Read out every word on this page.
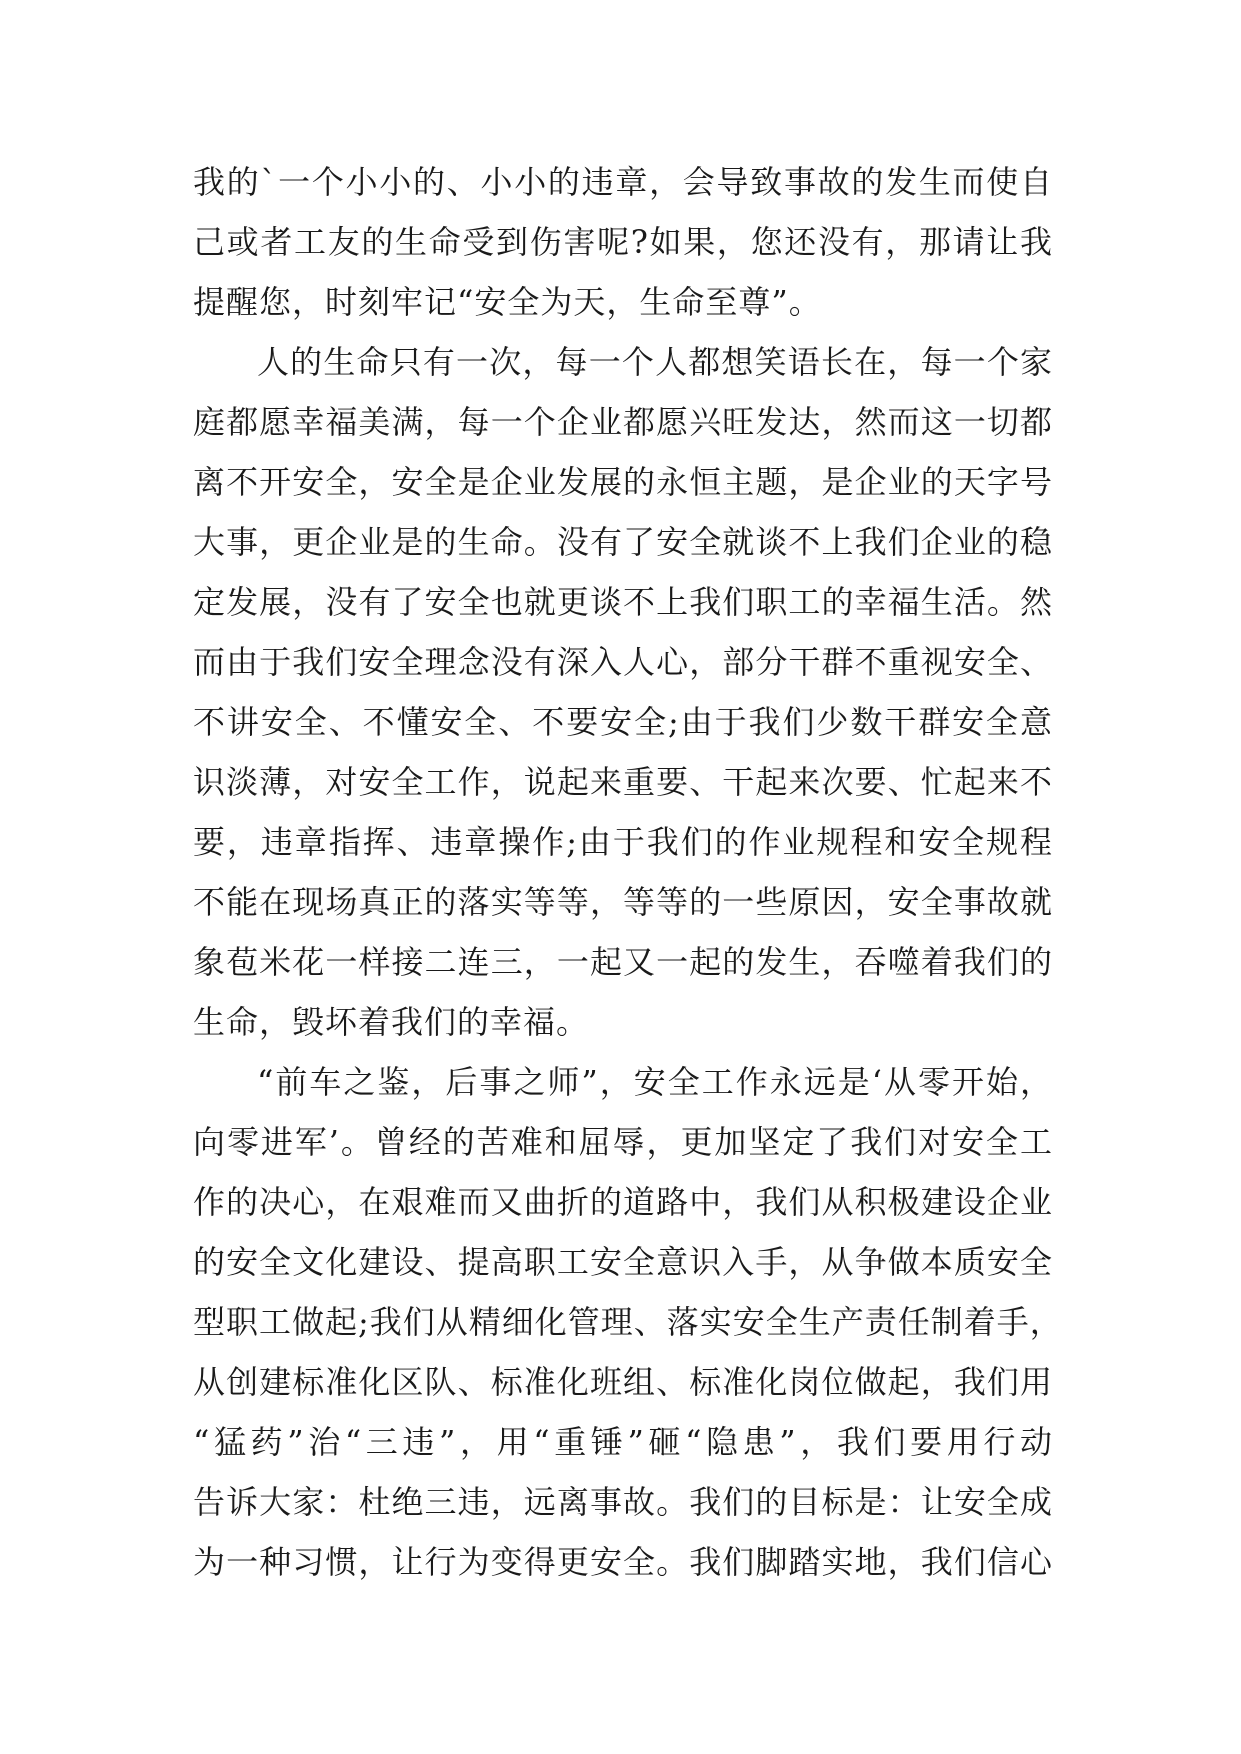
我的`一个小小的、小小的违章，会导致事故的发生而使自
己或者工友的生命受到伤害呢?如果，您还没有，那请让我
提醒您，时刻牢记“安全为天，生命至尊”。
人的生命只有一次，每一个人都想笑语长在，每一个家
庭都愿幸福美满，每一个企业都愿兴旺发达，然而这一切都
离不开安全，安全是企业发展的永恒主题，是企业的天字号
大事，更企业是的生命。没有了安全就谈不上我们企业的稳
定发展，没有了安全也就更谈不上我们职工的幸福生活。然
而由于我们安全理念没有深入人心，部分干群不重视安全、
不讲安全、不懂安全、不要安全;由于我们少数干群安全意
识淡薄，对安全工作，说起来重要、干起来次要、忙起来不
要，违章指挥、违章操作;由于我们的作业规程和安全规程
不能在现场真正的落实等等，等等的一些原因，安全事故就
象苞米花一样接二连三，一起又一起的发生，吞噬着我们的
生命，毁坏着我们的幸福。
“前车之鉴，后事之师”，安全工作永远是‘从零开始，
向零进军’。曾经的苦难和屈辱，更加坚定了我们对安全工
作的决心，在艰难而又曲折的道路中，我们从积极建设企业
的安全文化建设、提高职工安全意识入手，从争做本质安全
型职工做起;我们从精细化管理、落实安全生产责任制着手，
从创建标准化区队、标准化班组、标准化岗位做起，我们用
“猛药”治“三违”，用“重锤”砸“隐患”，我们要用行动
告诉大家：杜绝三违，远离事故。我们的目标是：让安全成
为一种习惯，让行为变得更安全。我们脚踏实地，我们信心
